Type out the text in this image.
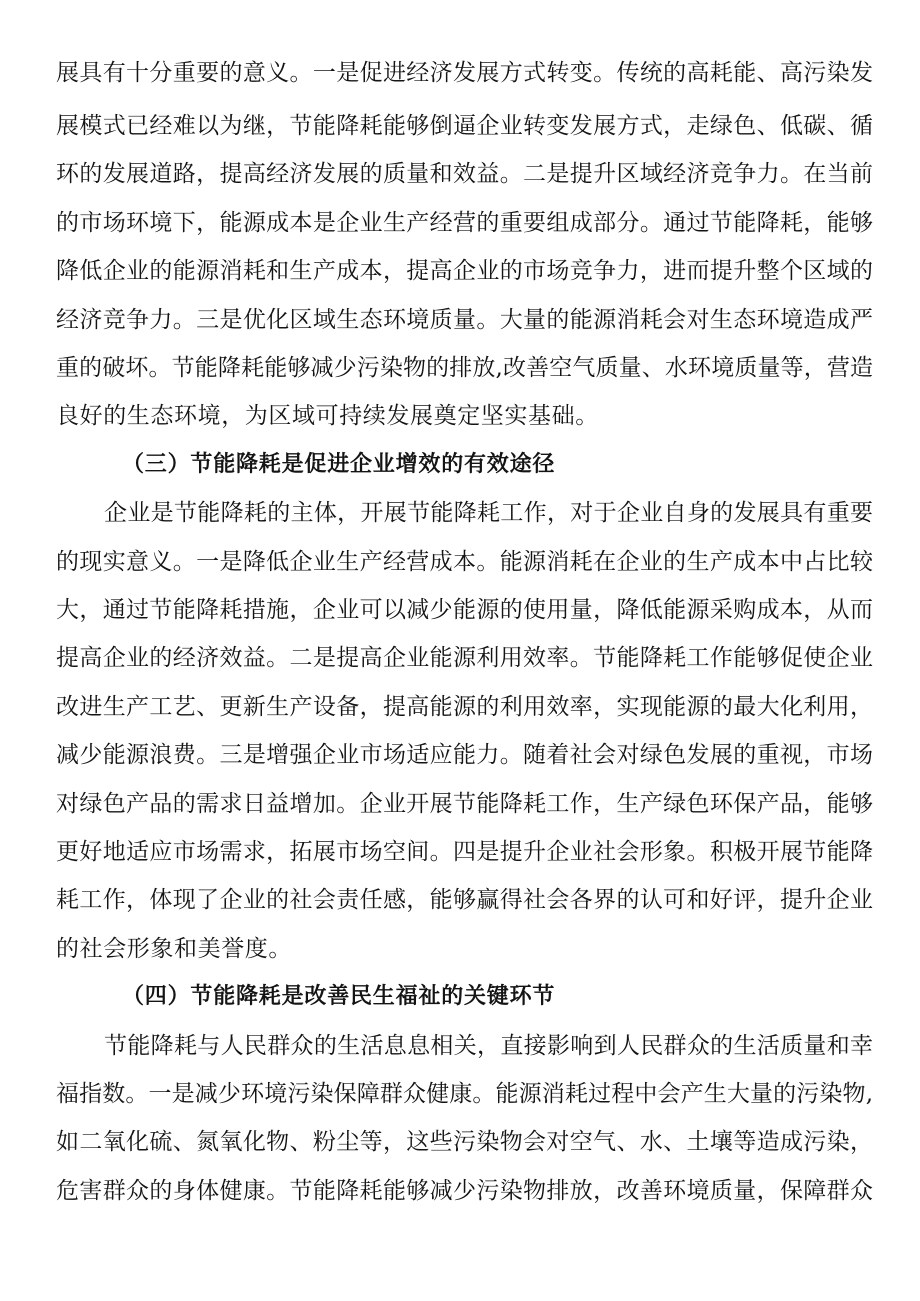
展具有十分重要的意义。一是促进经济发展方式转变。传统的高耗能、高污染发
展模式已经难以为继，节能降耗能够倒逼企业转变发展方式，走绿色、低碳、循
环的发展道路，提高经济发展的质量和效益。二是提升区域经济竞争力。在当前
的市场环境下，能源成本是企业生产经营的重要组成部分。通过节能降耗，能够
降低企业的能源消耗和生产成本，提高企业的市场竞争力，进而提升整个区域的
经济竞争力。三是优化区域生态环境质量。大量的能源消耗会对生态环境造成严
重的破坏。节能降耗能够减少污染物的排放,改善空气质量、水环境质量等，营造
良好的生态环境，为区域可持续发展奠定坚实基础。
（三）节能降耗是促进企业增效的有效途径
企业是节能降耗的主体，开展节能降耗工作，对于企业自身的发展具有重要
的现实意义。一是降低企业生产经营成本。能源消耗在企业的生产成本中占比较
大，通过节能降耗措施，企业可以减少能源的使用量，降低能源采购成本，从而
提高企业的经济效益。二是提高企业能源利用效率。节能降耗工作能够促使企业
改进生产工艺、更新生产设备，提高能源的利用效率，实现能源的最大化利用，
减少能源浪费。三是增强企业市场适应能力。随着社会对绿色发展的重视，市场
对绿色产品的需求日益增加。企业开展节能降耗工作，生产绿色环保产品，能够
更好地适应市场需求，拓展市场空间。四是提升企业社会形象。积极开展节能降
耗工作，体现了企业的社会责任感，能够赢得社会各界的认可和好评，提升企业
的社会形象和美誉度。
（四）节能降耗是改善民生福祉的关键环节
节能降耗与人民群众的生活息息相关，直接影响到人民群众的生活质量和幸
福指数。一是减少环境污染保障群众健康。能源消耗过程中会产生大量的污染物,
如二氧化硫、氮氧化物、粉尘等，这些污染物会对空气、水、土壤等造成污染，
危害群众的身体健康。节能降耗能够减少污染物排放，改善环境质量，保障群众
